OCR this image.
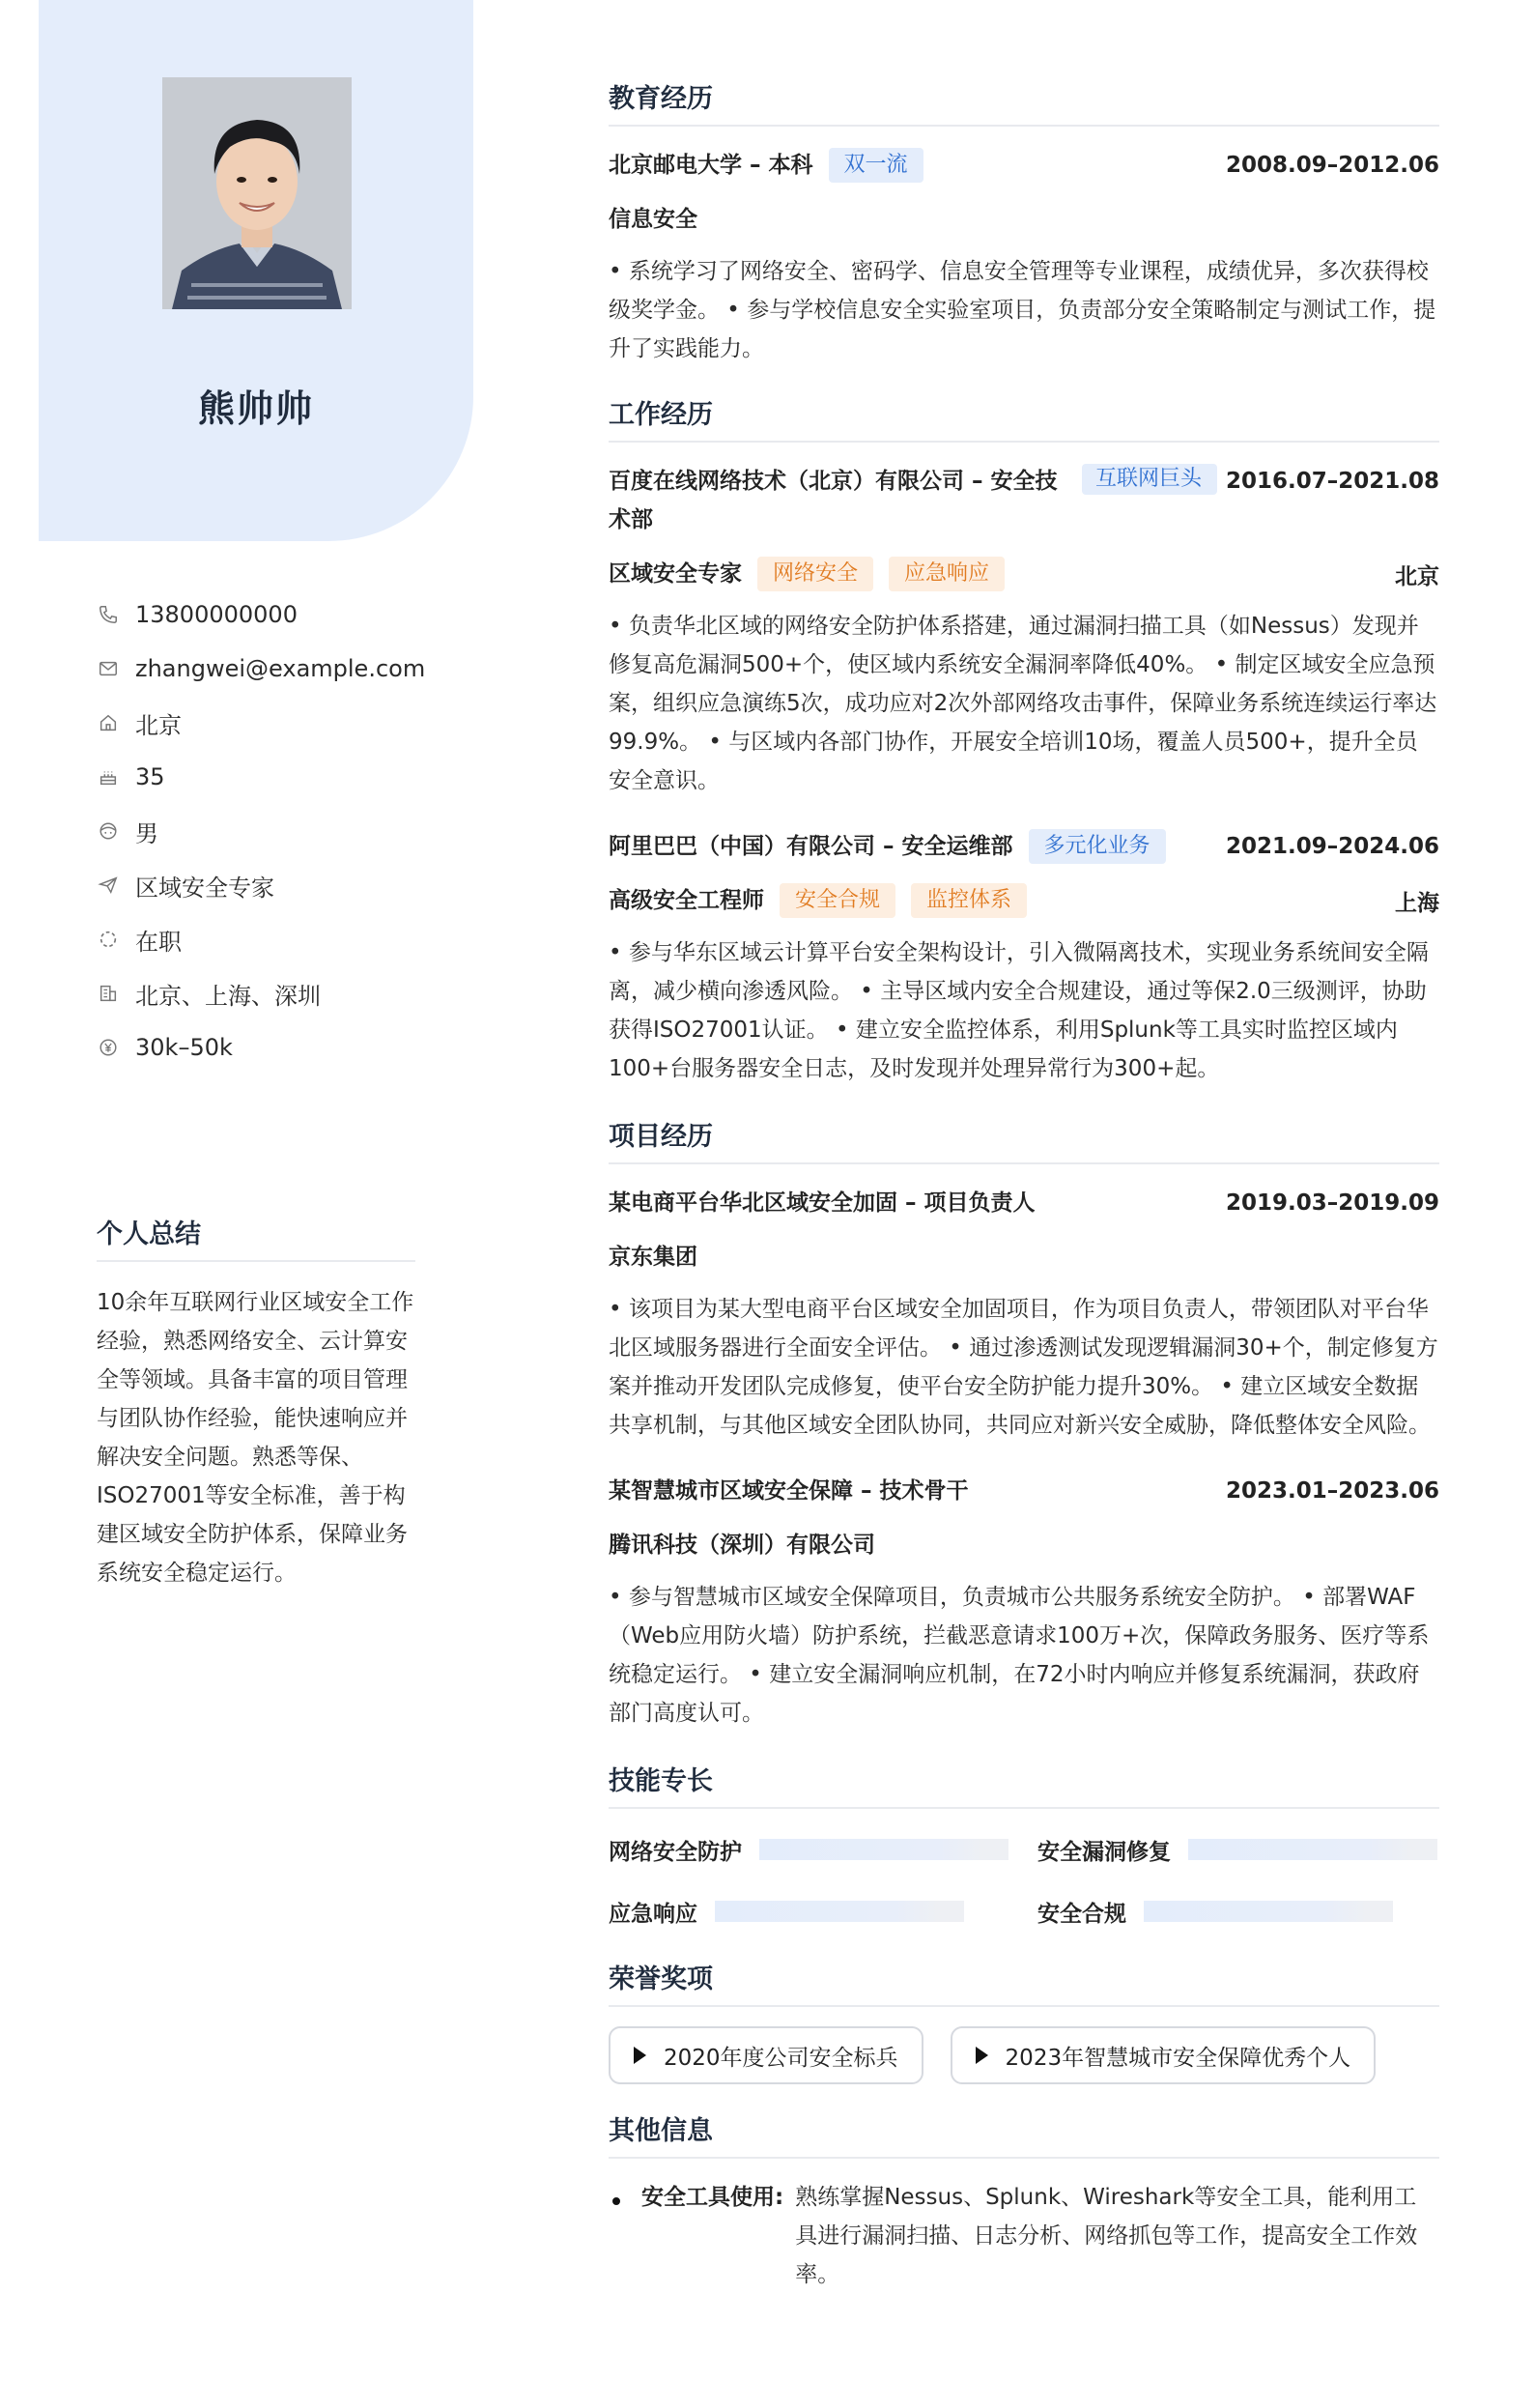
熊帅帅
13800000000
zhangwei@example.com
北京
35
男
区域安全专家
在职
北京、上海、深圳
30k–50k
个人总结
10余年互联网行业区域安全工作经验，熟悉网络安全、云计算安全等领域。具备丰富的项目管理与团队协作经验，能快速响应并解决安全问题。熟悉等保、ISO27001等安全标准，善于构建区域安全防护体系，保障业务系统安全稳定运行。
教育经历
北京邮电大学 – 本科	双一流	2008.09–2012.06
信息安全
• 系统学习了网络安全、密码学、信息安全管理等专业课程，成绩优异，多次获得校级奖学金。 • 参与学校信息安全实验室项目，负责部分安全策略制定与测试工作，提升了实践能力。
工作经历
百度在线网络技术（北京）有限公司 – 安全技术部
互联网巨头	2016.07–2021.08
区域安全专家	网络安全	应急响应	北京
• 负责华北区域的网络安全防护体系搭建，通过漏洞扫描工具（如Nessus）发现并修复高危漏洞500+个，使区域内系统安全漏洞率降低40%。 • 制定区域安全应急预案，组织应急演练5次，成功应对2次外部网络攻击事件，保障业务系统连续运行率达99.9%。 • 与区域内各部门协作，开展安全培训10场，覆盖人员500+，提升全员安全意识。
阿里巴巴（中国）有限公司 – 安全运维部	多元化业务	2021.09–2024.06
高级安全工程师	安全合规	监控体系	上海
• 参与华东区域云计算平台安全架构设计，引入微隔离技术，实现业务系统间安全隔离，减少横向渗透风险。 • 主导区域内安全合规建设，通过等保2.0三级测评，协助获得ISO27001认证。 • 建立安全监控体系，利用Splunk等工具实时监控区域内100+台服务器安全日志，及时发现并处理异常行为300+起。
项目经历
某电商平台华北区域安全加固 – 项目负责人	2019.03–2019.09
京东集团
• 该项目为某大型电商平台区域安全加固项目，作为项目负责人，带领团队对平台华北区域服务器进行全面安全评估。 • 通过渗透测试发现逻辑漏洞30+个，制定修复方案并推动开发团队完成修复，使平台安全防护能力提升30%。 • 建立区域安全数据共享机制，与其他区域安全团队协同，共同应对新兴安全威胁，降低整体安全风险。
某智慧城市区域安全保障 – 技术骨干	2023.01–2023.06
腾讯科技（深圳）有限公司
• 参与智慧城市区域安全保障项目，负责城市公共服务系统安全防护。 • 部署WAF（Web应用防火墙）防护系统，拦截恶意请求100万+次，保障政务服务、医疗等系统稳定运行。 • 建立安全漏洞响应机制，在72小时内响应并修复系统漏洞，获政府部门高度认可。
技能专长
网络安全防护	安全漏洞修复
应急响应	安全合规
荣誉奖项
2020年度公司安全标兵	2023年智慧城市安全保障优秀个人
其他信息
安全工具使用: 熟练掌握Nessus、Splunk、Wireshark等安全工具，能利用工具进行漏洞扫描、日志分析、网络抓包等工作，提高安全工作效率。
